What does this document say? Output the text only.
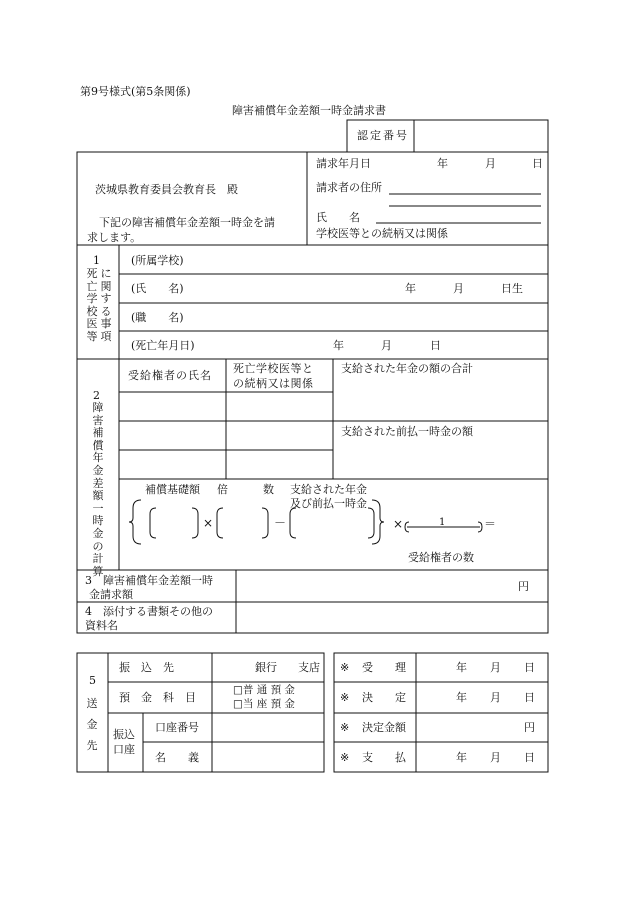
第9号様式(第5条関係)
障害補償年金差額一時金請求書
認定番号
茨城県教育委員会教育長　殿
下記の障害補償年金差額一時金を請
求します。
請求年月日	年	月	日
請求者の住所
氏　　名
学校医等との続柄又は関係
1
死亡学校医等
に関する事項
(所属学校)
(氏　　名)	年	月	日生
(職　　名)
(死亡年月日)	年	月	日
2
障害補償年金差額一時金の計算
受給権者の氏名
死亡学校医等と
の続柄又は関係
支給された年金の額の合計
支給された前払一時金の額
補償基礎額 倍	数 支給された年金
及び前払一時金
×	－	×	1	＝
受給権者の数
3　障害補償年金差額一時
金請求額
円
4　添付する書類その他の
資料名
5
送金先
振　込　先	銀行 支店
預　金　科　目
□普 通 預 金
□当 座 預 金
振込
口座
口座番号
名　　義
※ 受　　理	年 月 日
※ 決　　定	年 月 日
※ 決定金額	円
※ 支　　払	年 月 日
